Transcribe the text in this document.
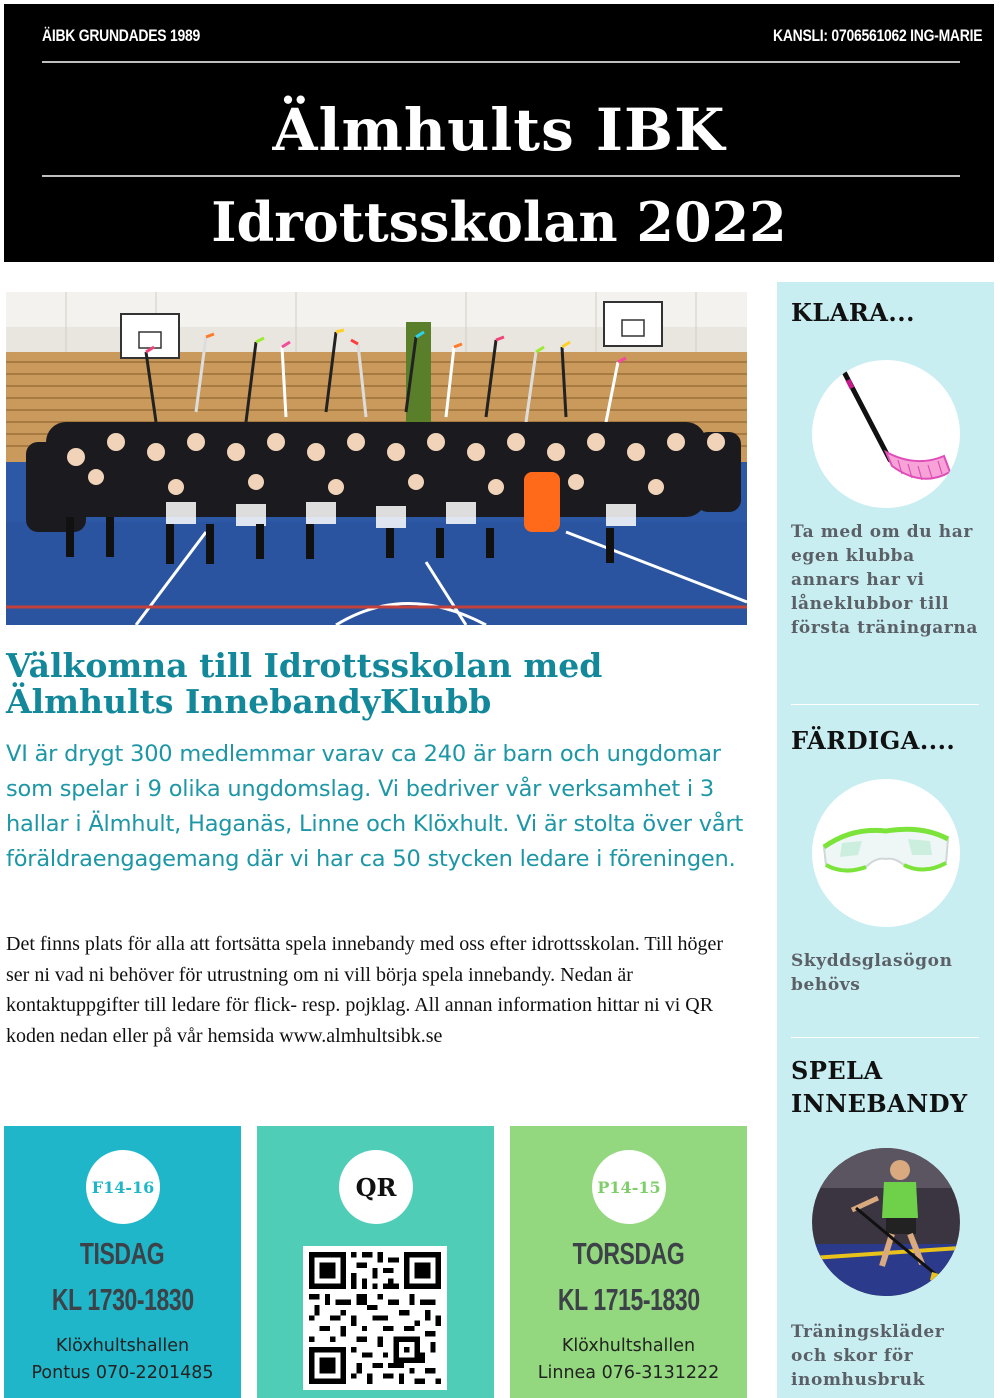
ÄIBK GRUNDADES 1989	KANSLI: 0706561062 ING-MARIE
Älmhults IBK
Idrottsskolan 2022
Välkomna till Idrottsskolan med Älmhults InnebandyKlubb
VI är drygt 300 medlemmar varav ca 240 är barn och ungdomar som spelar i 9 olika ungdomslag. Vi bedriver vår verksamhet i 3 hallar i Älmhult, Haganäs, Linne och Klöxhult. Vi är stolta över vårt föräldraengagemang där vi har ca 50 stycken ledare i föreningen.
Det finns plats för alla att fortsätta spela innebandy med oss efter idrottsskolan. Till höger ser ni vad ni behöver för utrustning om ni vill börja spela innebandy. Nedan är kontaktuppgifter till ledare för flick- resp. pojklag. All annan information hittar ni vi QR koden nedan eller på vår hemsida www.almhultsibk.se
F14-16
TISDAG
KL 1730-1830
Klöxhultshallen
Pontus 070-2201485
QR	P14-15
TORSDAG
KL 1715-1830
Klöxhultshallen
Linnea 076-3131222
KLARA...
Ta med om du har egen klubba annars har vi låneklubbor till första träningarna
FÄRDIGA....
Skyddsglasögon behövs
SPELA INNEBANDY
Träningskläder och skor för inomhusbruk
